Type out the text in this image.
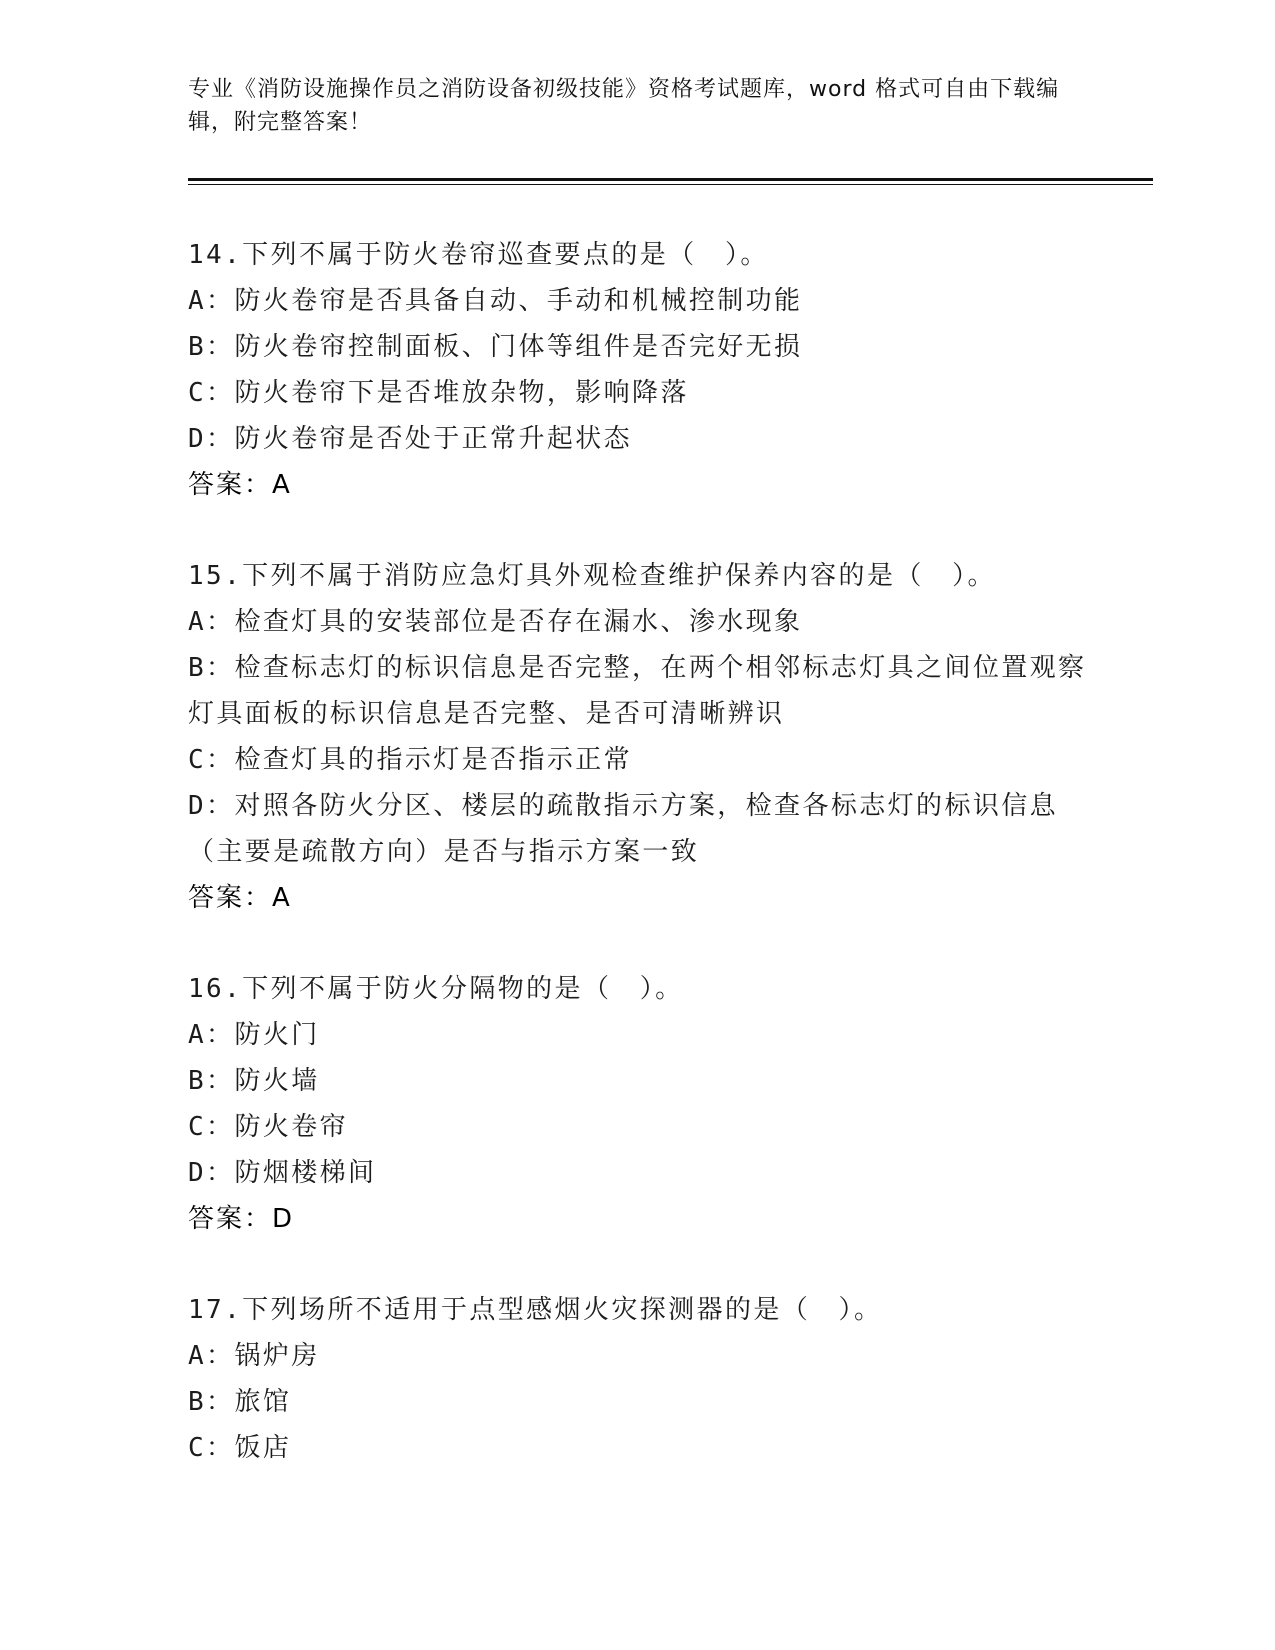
专业《消防设施操作员之消防设备初级技能》资格考试题库，word 格式可自由下载编辑，附完整答案！
14.下列不属于防火卷帘巡查要点的是（　）。
A：防火卷帘是否具备自动、手动和机械控制功能
B：防火卷帘控制面板、门体等组件是否完好无损
C：防火卷帘下是否堆放杂物，影响降落
D：防火卷帘是否处于正常升起状态
答案：A
15.下列不属于消防应急灯具外观检查维护保养内容的是（　）。
A：检查灯具的安装部位是否存在漏水、渗水现象
B：检查标志灯的标识信息是否完整，在两个相邻标志灯具之间位置观察灯具面板的标识信息是否完整、是否可清晰辨识
C：检查灯具的指示灯是否指示正常
D：对照各防火分区、楼层的疏散指示方案，检查各标志灯的标识信息（主要是疏散方向）是否与指示方案一致
答案：A
16.下列不属于防火分隔物的是（　）。
A：防火门
B：防火墙
C：防火卷帘
D：防烟楼梯间
答案：D
17.下列场所不适用于点型感烟火灾探测器的是（　）。
A：锅炉房
B：旅馆
C：饭店
